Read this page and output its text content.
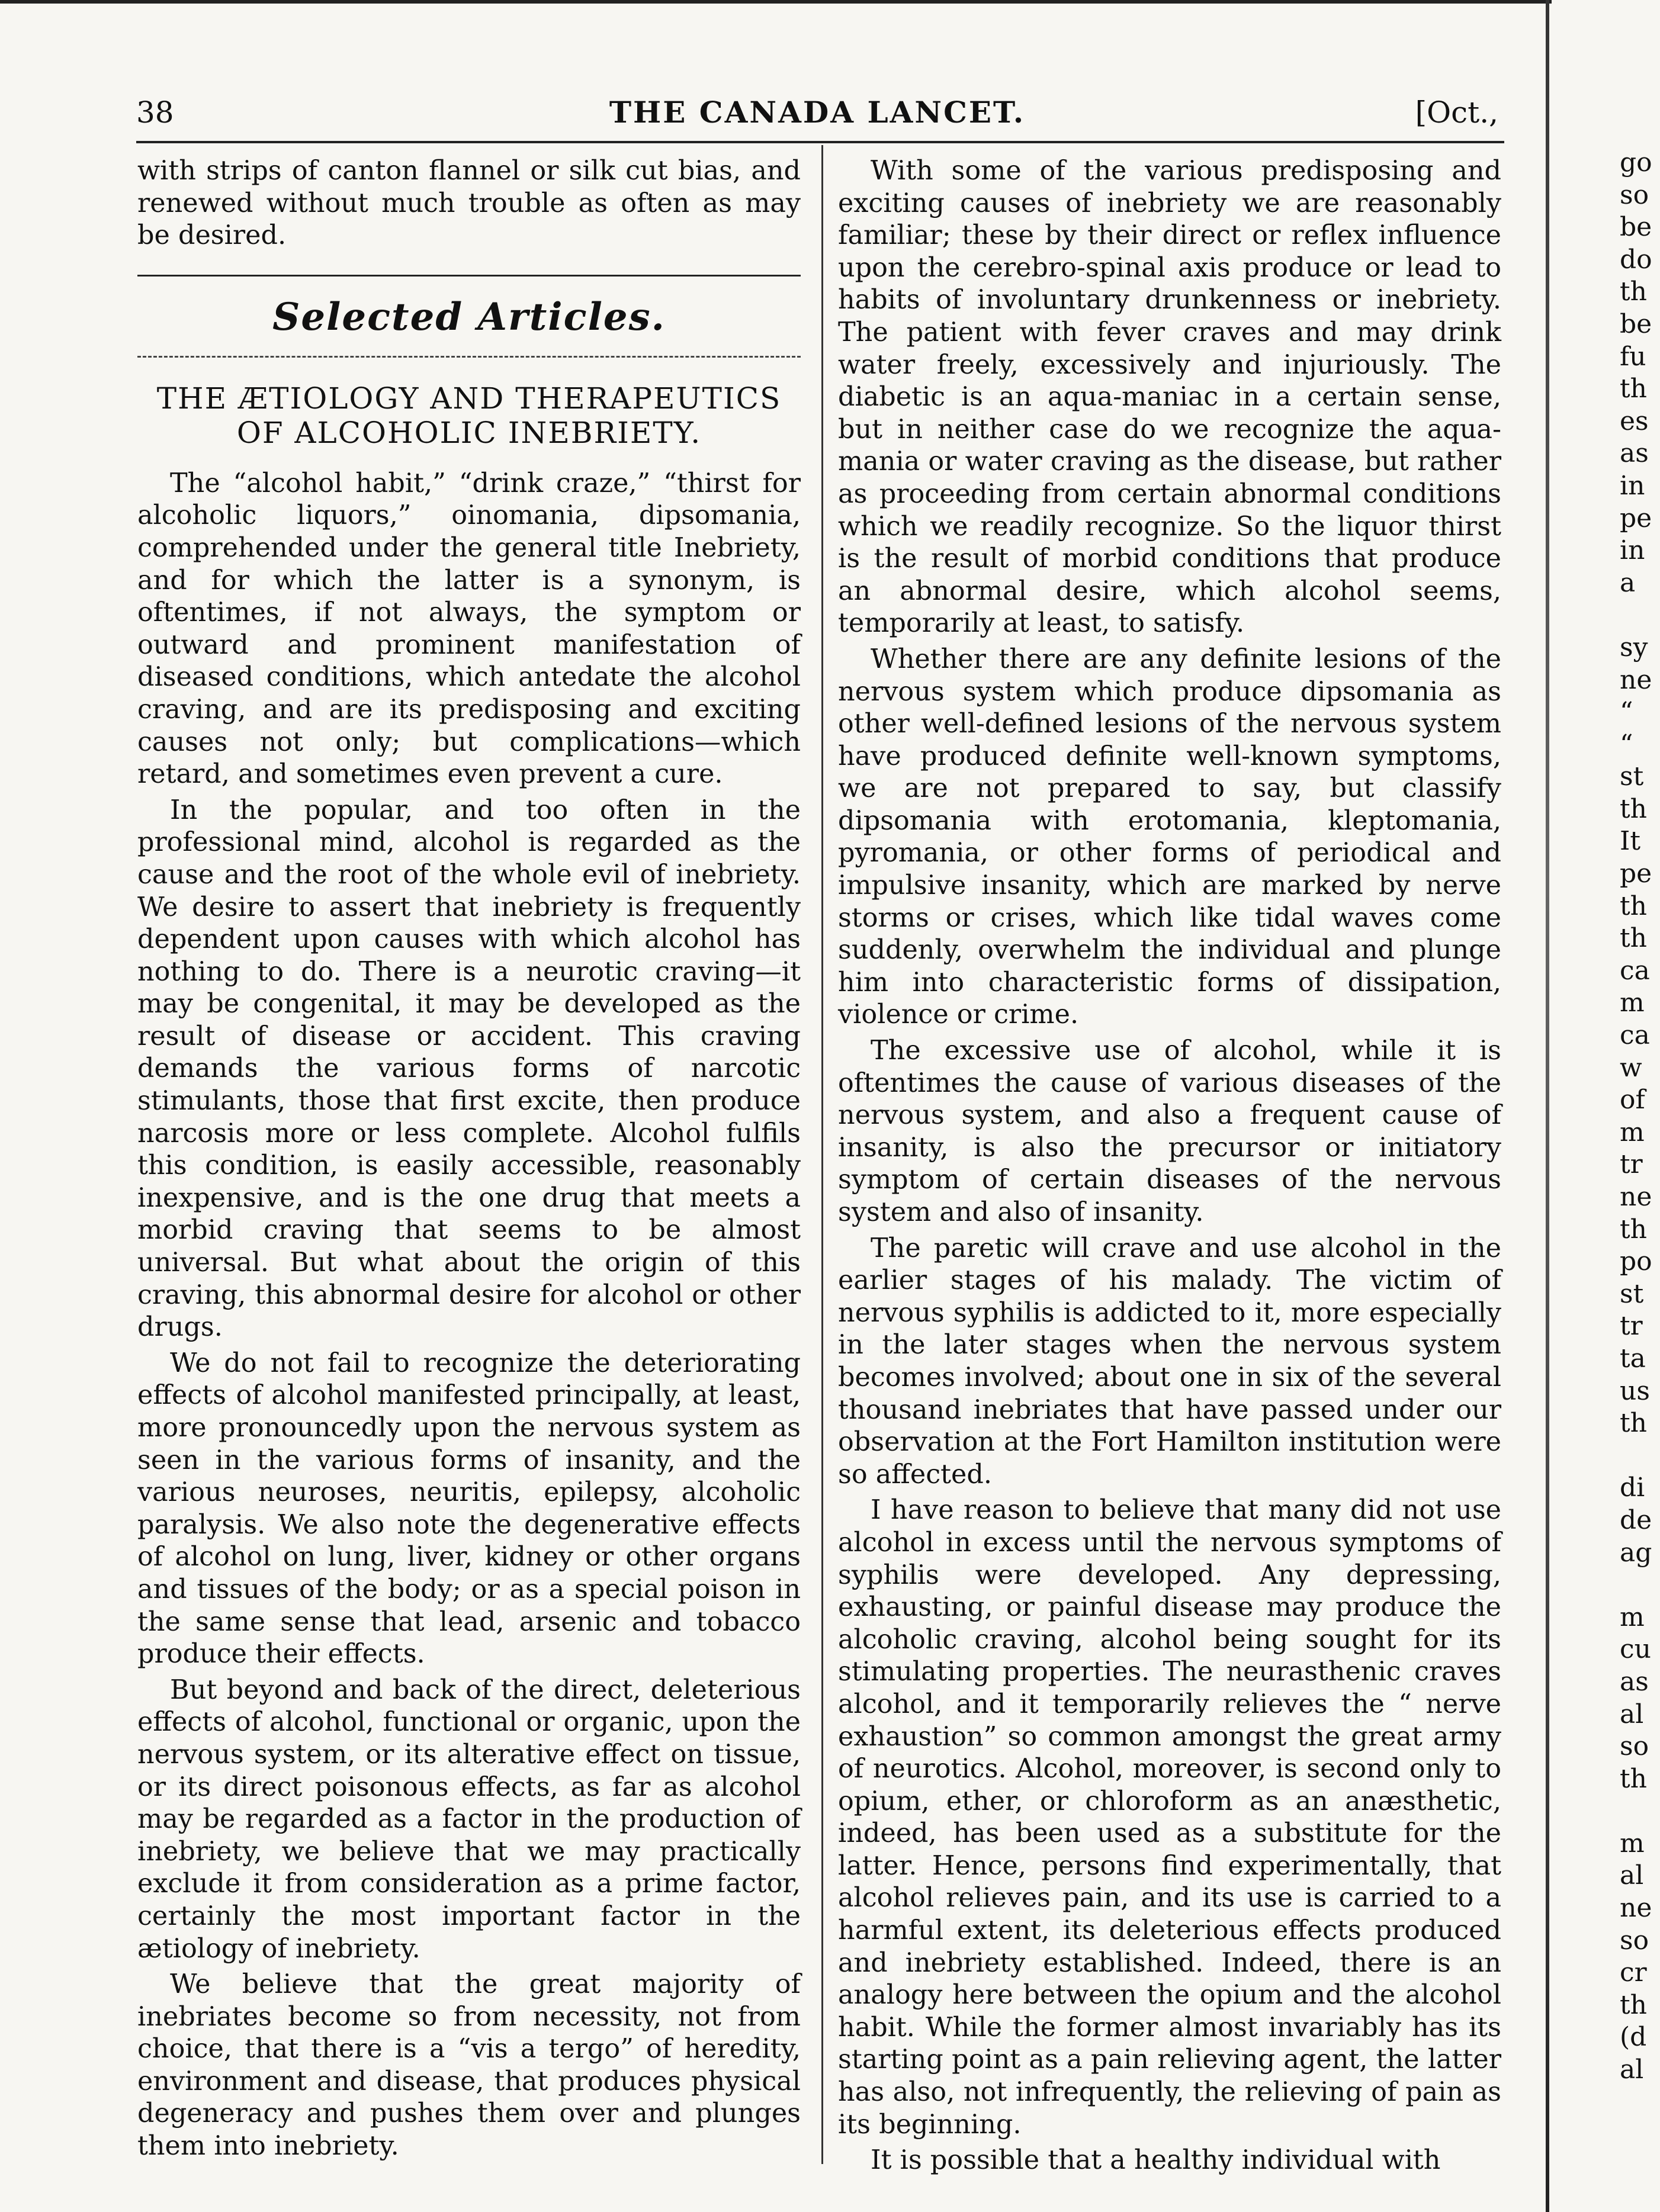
38	THE CANADA LANCET.	[Oct.,

with strips of canton flannel or silk cut bias, and renewed without much trouble as often as may be desired.

Selected Articles.
THE ÆTIOLOGY AND THERAPEUTICS OF ALCOHOLIC INEBRIETY.

The “alcohol habit,” “drink craze,” “thirst for alcoholic liquors,” oinomania, dipsomania, comprehended under the general title Inebriety, and for which the latter is a synonym, is oftentimes, if not always, the symptom or outward and prominent manifestation of diseased conditions, which antedate the alcohol craving, and are its predisposing and exciting causes not only; but complications—which retard, and sometimes even prevent a cure.

In the popular, and too often in the professional mind, alcohol is regarded as the cause and the root of the whole evil of inebriety. We desire to assert that inebriety is frequently dependent upon causes with which alcohol has nothing to do. There is a neurotic craving—it may be congenital, it may be developed as the result of disease or accident. This craving demands the various forms of narcotic stimulants, those that first excite, then produce narcosis more or less complete. Alcohol fulfils this condition, is easily accessible, reasonably inexpensive, and is the one drug that meets a morbid craving that seems to be almost universal. But what about the origin of this craving, this abnormal desire for alcohol or other drugs.

We do not fail to recognize the deteriorating effects of alcohol manifested principally, at least, more pronouncedly upon the nervous system as seen in the various forms of insanity, and the various neuroses, neuritis, epilepsy, alcoholic paralysis. We also note the degenerative effects of alcohol on lung, liver, kidney or other organs and tissues of the body; or as a special poison in the same sense that lead, arsenic and tobacco produce their effects.

But beyond and back of the direct, deleterious effects of alcohol, functional or organic, upon the nervous system, or its alterative effect on tissue, or its direct poisonous effects, as far as alcohol may be regarded as a factor in the production of inebriety, we believe that we may practically exclude it from consideration as a prime factor, certainly the most important factor in the ætiology of inebriety.

We believe that the great majority of inebriates become so from necessity, not from choice, that there is a “vis a tergo” of heredity, environment and disease, that produces physical degeneracy and pushes them over and plunges them into inebriety.

With some of the various predisposing and exciting causes of inebriety we are reasonably familiar; these by their direct or reflex influence upon the cerebro-spinal axis produce or lead to habits of involuntary drunkenness or inebriety. The patient with fever craves and may drink water freely, excessively and injuriously. The diabetic is an aqua-maniac in a certain sense, but in neither case do we recognize the aqua-mania or water craving as the disease, but rather as proceeding from certain abnormal conditions which we readily recognize. So the liquor thirst is the result of morbid conditions that produce an abnormal desire, which alcohol seems, temporarily at least, to satisfy.

Whether there are any definite lesions of the nervous system which produce dipsomania as other well-defined lesions of the nervous system have produced definite well-known symptoms, we are not prepared to say, but classify dipsomania with erotomania, kleptomania, pyromania, or other forms of periodical and impulsive insanity, which are marked by nerve storms or crises, which like tidal waves come suddenly, overwhelm the individual and plunge him into characteristic forms of dissipation, violence or crime.

The excessive use of alcohol, while it is oftentimes the cause of various diseases of the nervous system, and also a frequent cause of insanity, is also the precursor or initiatory symptom of certain diseases of the nervous system and also of insanity.

The paretic will crave and use alcohol in the earlier stages of his malady. The victim of nervous syphilis is addicted to it, more especially in the later stages when the nervous system becomes involved; about one in six of the several thousand inebriates that have passed under our observation at the Fort Hamilton institution were so affected.

I have reason to believe that many did not use alcohol in excess until the nervous symptoms of syphilis were developed. Any depressing, exhausting, or painful disease may produce the alcoholic craving, alcohol being sought for its stimulating properties. The neurasthenic craves alcohol, and it temporarily relieves the “ nerve exhaustion” so common amongst the great army of neurotics. Alcohol, moreover, is second only to opium, ether, or chloroform as an anæsthetic, indeed, has been used as a substitute for the latter. Hence, persons find experimentally, that alcohol relieves pain, and its use is carried to a harmful extent, its deleterious effects produced and inebriety established. Indeed, there is an analogy here between the opium and the alcohol habit. While the former almost invariably has its starting point as a pain relieving agent, the latter has also, not infrequently, the relieving of pain as its beginning.

It is possible that a healthy individual with

go
so
be
do
th
be
fu
th
es
as
in
pe
in
a
sy
ne
“
“
st
th
It
pe
th
th
ca
m
ca
w
of
m
tr
ne
th
po
st
tr
ta
us
th
di
de
ag
m
cu
as
al
so
th
m
al
ne
so
cr
th
(d
al
